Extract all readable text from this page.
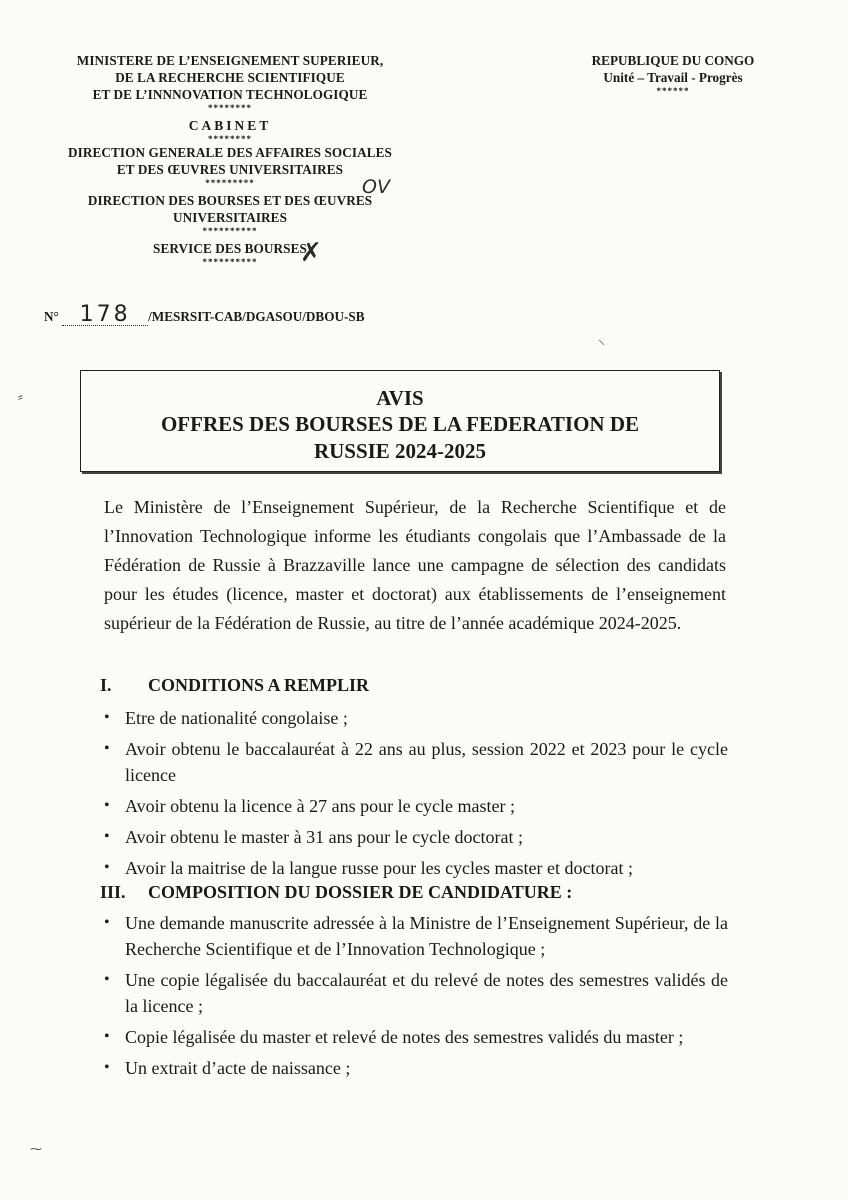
MINISTERE DE L’ENSEIGNEMENT SUPERIEUR,
DE LA RECHERCHE SCIENTIFIQUE
ET DE L’INNNOVATION TECHNOLOGIQUE
********
CABINET
********
DIRECTION GENERALE DES AFFAIRES SOCIALES
ET DES ŒUVRES UNIVERSITAIRES
*********
DIRECTION DES BOURSES ET DES ŒUVRES
UNIVERSITAIRES
**********
SERVICE DES BOURSES
**********
OV
✗
N° 178 /MESRSIT-CAB/DGASOU/DBOU-SB
REPUBLIQUE DU CONGO
Unité – Travail - Progrès
******
AVIS
OFFRES DES BOURSES DE LA FEDERATION DE
RUSSIE 2024-2025
Le Ministère de l’Enseignement Supérieur, de la Recherche Scientifique et de l’Innovation Technologique informe les étudiants congolais que l’Ambassade de la Fédération de Russie à Brazzaville lance une campagne de sélection des candidats pour les études (licence, master et doctorat) aux établissements de l’enseignement supérieur de la Fédération de Russie, au titre de l’année académique 2024-2025.
I. CONDITIONS A REMPLIR
• Etre de nationalité congolaise ;
• Avoir obtenu le baccalauréat à 22 ans au plus, session 2022 et 2023 pour le cycle licence
• Avoir obtenu la licence à 27 ans pour le cycle master ;
• Avoir obtenu le master à 31 ans pour le cycle doctorat ;
• Avoir la maitrise de la langue russe pour les cycles master et doctorat ;
III. COMPOSITION DU DOSSIER DE CANDIDATURE :
• Une demande manuscrite adressée à la Ministre de l’Enseignement Supérieur, de la Recherche Scientifique et de l’Innovation Technologique ;
• Une copie légalisée du baccalauréat et du relevé de notes des semestres validés de la licence ;
• Copie légalisée du master et relevé de notes des semestres validés du master ;
• Un extrait d’acte de naissance ;
⸗
⸜
⁓
